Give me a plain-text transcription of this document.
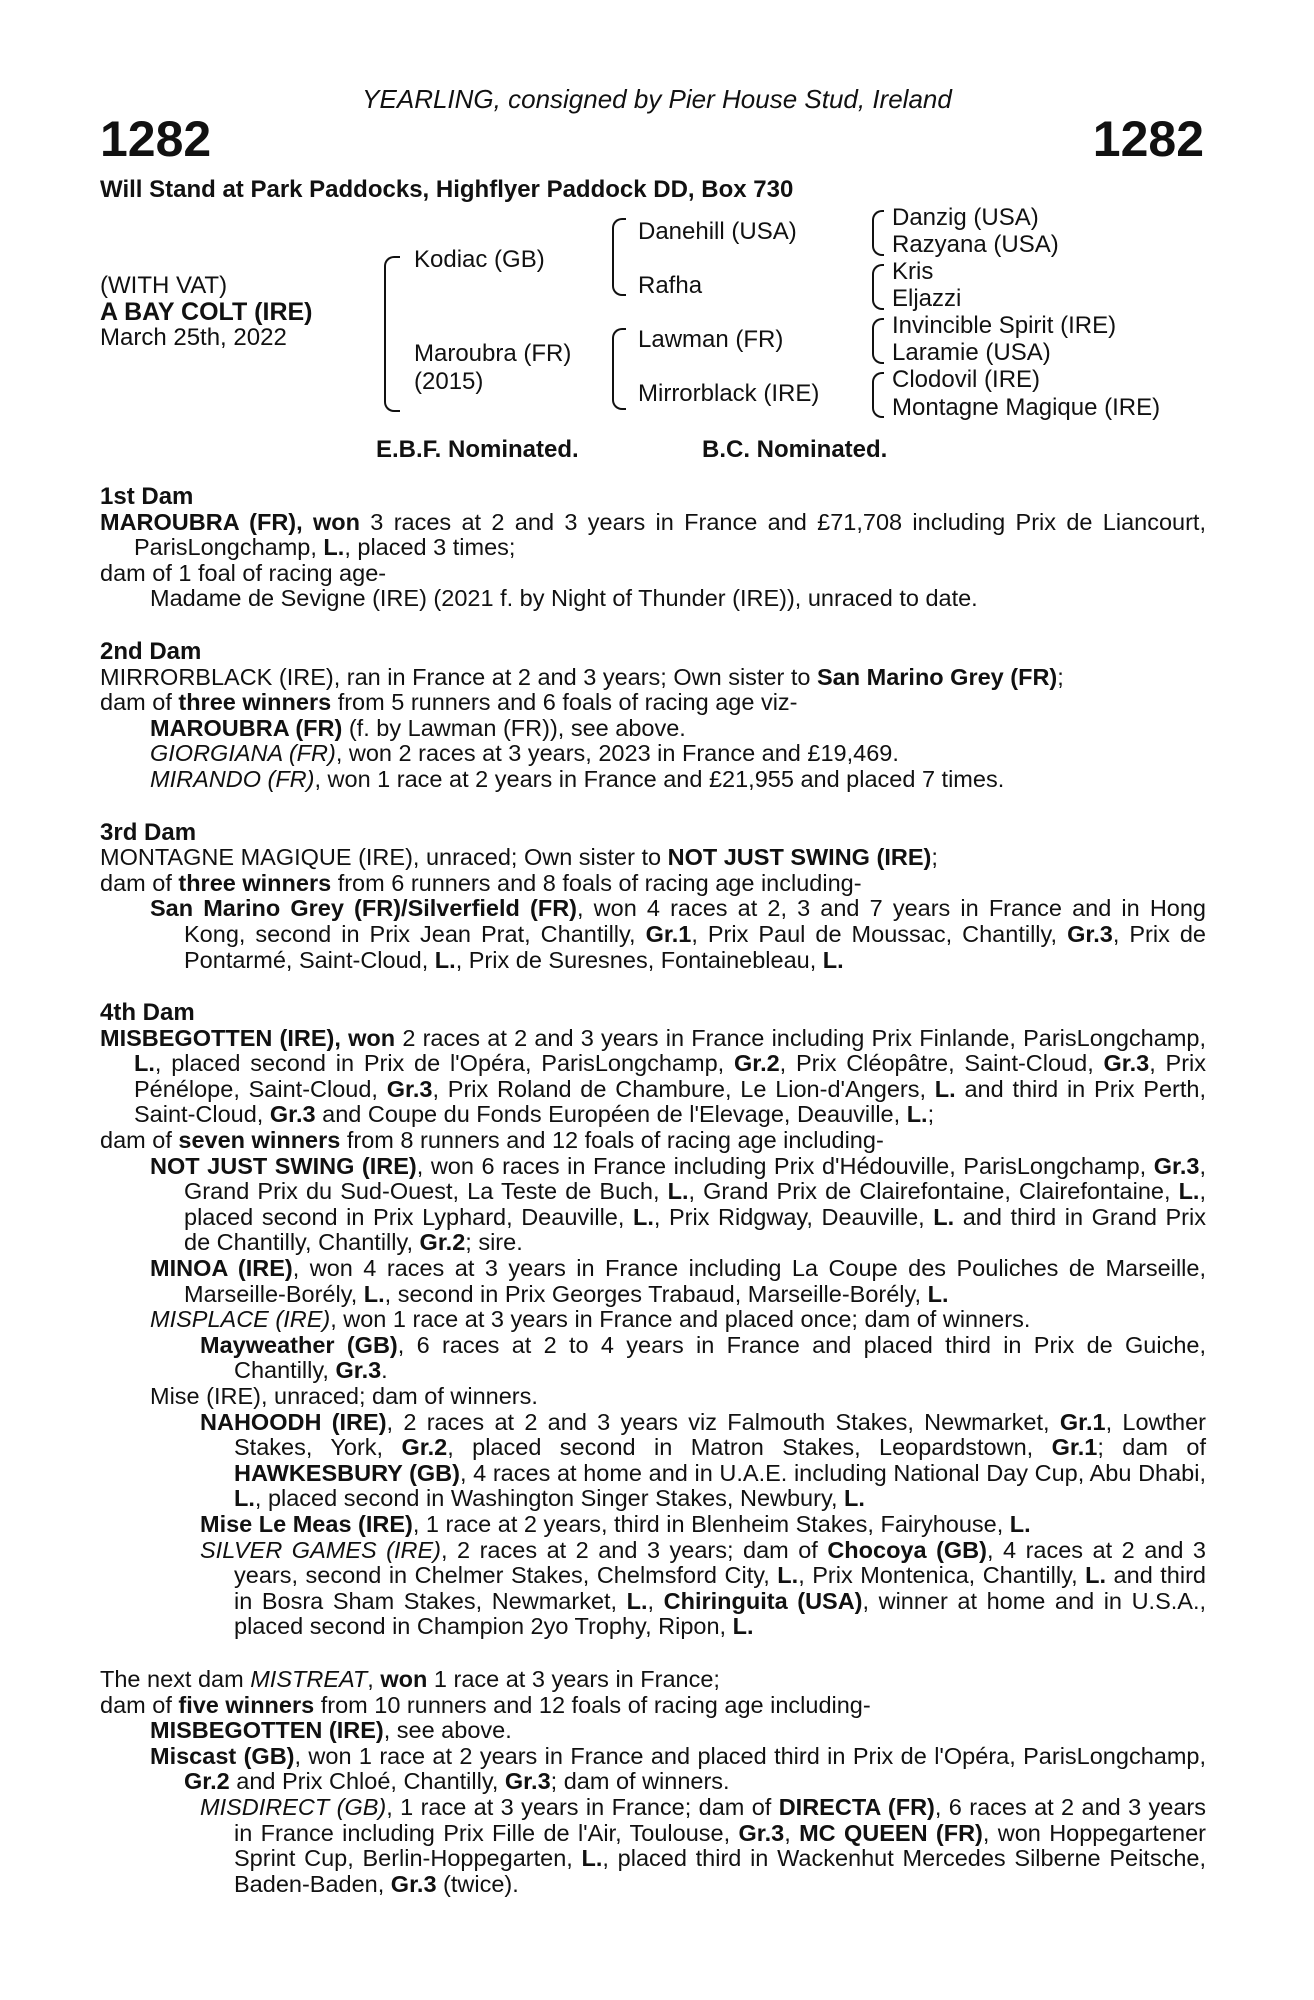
YEARLING, consigned by Pier House Stud, Ireland
1282	1282
Will Stand at Park Paddocks, Highflyer Paddock DD, Box 730
(WITH VAT)
A BAY COLT (IRE)
March 25th, 2022
Kodiac (GB)
Maroubra (FR)
(2015)
Danehill (USA)
Rafha
Lawman (FR)
Mirrorblack (IRE)
Danzig (USA)
Razyana (USA)
Kris
Eljazzi
Invincible Spirit (IRE)
Laramie (USA)
Clodovil (IRE)
Montagne Magique (IRE)
E.B.F. Nominated.	B.C. Nominated.
1st Dam
MAROUBRA (FR), won 3 races at 2 and 3 years in France and £71,708 including Prix de Liancourt, ParisLongchamp, L., placed 3 times;
dam of 1 foal of racing age-
Madame de Sevigne (IRE) (2021 f. by Night of Thunder (IRE)), unraced to date.
2nd Dam
MIRRORBLACK (IRE), ran in France at 2 and 3 years; Own sister to San Marino Grey (FR);
dam of three winners from 5 runners and 6 foals of racing age viz-
MAROUBRA (FR) (f. by Lawman (FR)), see above.
GIORGIANA (FR), won 2 races at 3 years, 2023 in France and £19,469.
MIRANDO (FR), won 1 race at 2 years in France and £21,955 and placed 7 times.
3rd Dam
MONTAGNE MAGIQUE (IRE), unraced; Own sister to NOT JUST SWING (IRE);
dam of three winners from 6 runners and 8 foals of racing age including-
San Marino Grey (FR)/Silverfield (FR), won 4 races at 2, 3 and 7 years in France and in Hong Kong, second in Prix Jean Prat, Chantilly, Gr.1, Prix Paul de Moussac, Chantilly, Gr.3, Prix de Pontarmé, Saint-Cloud, L., Prix de Suresnes, Fontainebleau, L.
4th Dam
MISBEGOTTEN (IRE), won 2 races at 2 and 3 years in France including Prix Finlande, ParisLongchamp, L., placed second in Prix de l'Opéra, ParisLongchamp, Gr.2, Prix Cléopâtre, Saint-Cloud, Gr.3, Prix Pénélope, Saint-Cloud, Gr.3, Prix Roland de Chambure, Le Lion-d'Angers, L. and third in Prix Perth, Saint-Cloud, Gr.3 and Coupe du Fonds Européen de l'Elevage, Deauville, L.;
dam of seven winners from 8 runners and 12 foals of racing age including-
NOT JUST SWING (IRE), won 6 races in France including Prix d'Hédouville, ParisLongchamp, Gr.3, Grand Prix du Sud-Ouest, La Teste de Buch, L., Grand Prix de Clairefontaine, Clairefontaine, L., placed second in Prix Lyphard, Deauville, L., Prix Ridgway, Deauville, L. and third in Grand Prix de Chantilly, Chantilly, Gr.2; sire.
MINOA (IRE), won 4 races at 3 years in France including La Coupe des Pouliches de Marseille, Marseille-Borély, L., second in Prix Georges Trabaud, Marseille-Borély, L.
MISPLACE (IRE), won 1 race at 3 years in France and placed once; dam of winners.
Mayweather (GB), 6 races at 2 to 4 years in France and placed third in Prix de Guiche, Chantilly, Gr.3.
Mise (IRE), unraced; dam of winners.
NAHOODH (IRE), 2 races at 2 and 3 years viz Falmouth Stakes, Newmarket, Gr.1, Lowther Stakes, York, Gr.2, placed second in Matron Stakes, Leopardstown, Gr.1; dam of HAWKESBURY (GB), 4 races at home and in U.A.E. including National Day Cup, Abu Dhabi, L., placed second in Washington Singer Stakes, Newbury, L.
Mise Le Meas (IRE), 1 race at 2 years, third in Blenheim Stakes, Fairyhouse, L.
SILVER GAMES (IRE), 2 races at 2 and 3 years; dam of Chocoya (GB), 4 races at 2 and 3 years, second in Chelmer Stakes, Chelmsford City, L., Prix Montenica, Chantilly, L. and third in Bosra Sham Stakes, Newmarket, L., Chiringuita (USA), winner at home and in U.S.A., placed second in Champion 2yo Trophy, Ripon, L.
The next dam MISTREAT, won 1 race at 3 years in France;
dam of five winners from 10 runners and 12 foals of racing age including-
MISBEGOTTEN (IRE), see above.
Miscast (GB), won 1 race at 2 years in France and placed third in Prix de l'Opéra, ParisLongchamp, Gr.2 and Prix Chloé, Chantilly, Gr.3; dam of winners.
MISDIRECT (GB), 1 race at 3 years in France; dam of DIRECTA (FR), 6 races at 2 and 3 years in France including Prix Fille de l'Air, Toulouse, Gr.3, MC QUEEN (FR), won Hoppegartener Sprint Cup, Berlin-Hoppegarten, L., placed third in Wackenhut Mercedes Silberne Peitsche, Baden-Baden, Gr.3 (twice).
